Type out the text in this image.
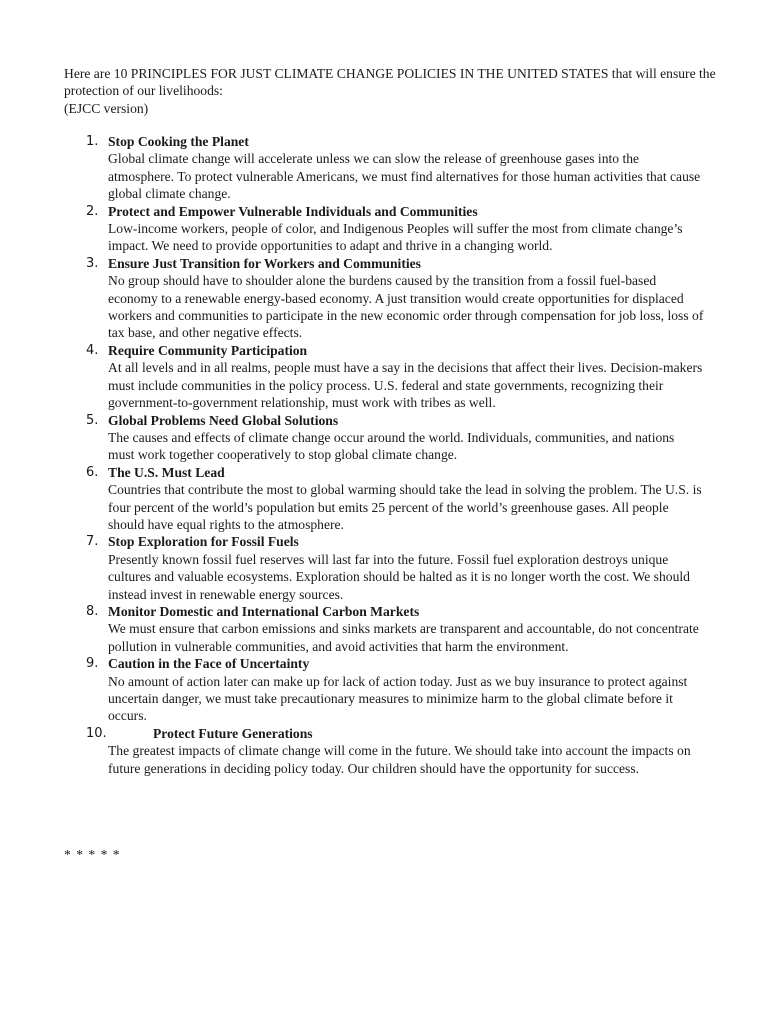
Here are 10 PRINCIPLES FOR JUST CLIMATE CHANGE POLICIES IN THE UNITED STATES that will ensure the protection of our livelihoods:

(EJCC version)

1. Stop Cooking the Planet
Global climate change will accelerate unless we can slow the release of greenhouse gases into the atmosphere. To protect vulnerable Americans, we must find alternatives for those human activities that cause global climate change.
2. Protect and Empower Vulnerable Individuals and Communities
Low-income workers, people of color, and Indigenous Peoples will suffer the most from climate change’s impact. We need to provide opportunities to adapt and thrive in a changing world.
3. Ensure Just Transition for Workers and Communities
No group should have to shoulder alone the burdens caused by the transition from a fossil fuel-based economy to a renewable energy-based economy. A just transition would create opportunities for displaced workers and communities to participate in the new economic order through compensation for job loss, loss of tax base, and other negative effects.
4. Require Community Participation
At all levels and in all realms, people must have a say in the decisions that affect their lives. Decision-makers must include communities in the policy process. U.S. federal and state governments, recognizing their government-to-government relationship, must work with tribes as well.
5. Global Problems Need Global Solutions
The causes and effects of climate change occur around the world. Individuals, communities, and nations must work together cooperatively to stop global climate change.
6. The U.S. Must Lead
Countries that contribute the most to global warming should take the lead in solving the problem. The U.S. is four percent of the world’s population but emits 25 percent of the world’s greenhouse gases. All people should have equal rights to the atmosphere.
7. Stop Exploration for Fossil Fuels
Presently known fossil fuel reserves will last far into the future. Fossil fuel exploration destroys unique cultures and valuable ecosystems. Exploration should be halted as it is no longer worth the cost. We should instead invest in renewable energy sources.
8. Monitor Domestic and International Carbon Markets
We must ensure that carbon emissions and sinks markets are transparent and accountable, do not concentrate pollution in vulnerable communities, and avoid activities that harm the environment.
9. Caution in the Face of Uncertainty
No amount of action later can make up for lack of action today. Just as we buy insurance to protect against uncertain danger, we must take precautionary measures to minimize harm to the global climate before it occurs.
10.	Protect Future Generations
The greatest impacts of climate change will come in the future. We should take into account the impacts on future generations in deciding policy today. Our children should have the opportunity for success.
* * * * *
